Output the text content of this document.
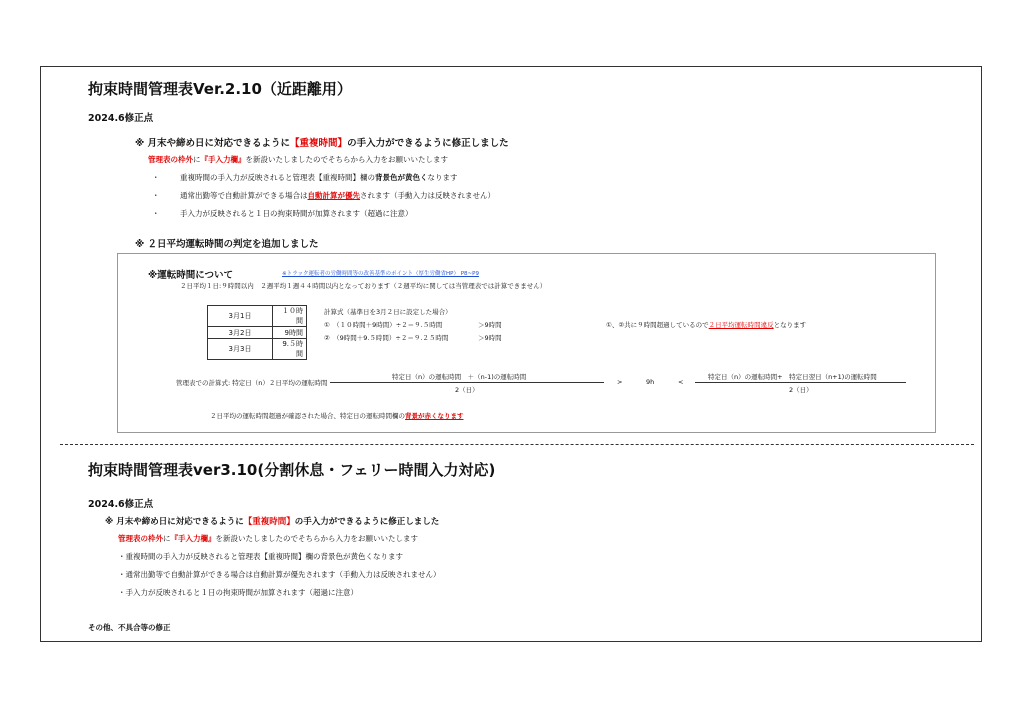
拘束時間管理表Ver.2.10（近距離用）
2024.6修正点
※ 月末や締め日に対応できるように【重複時間】の手入力ができるように修正しました
管理表の枠外に『手入力欄』を新設いたしましたのでそちらから入力をお願いいたします
・	重複時間の手入力が反映されると管理表【重複時間】欄の背景色が黄色くなります
・	通常出勤等で自動計算ができる場合は自動計算が優先されます（手動入力は反映されません）
・	手入力が反映されると１日の拘束時間が加算されます（超過に注意）
※ ２日平均運転時間の判定を追加しました
※運転時間について	※トラック運転者の労働時間等の改善基準のポイント（厚生労働省HP） P8~P9
２日平均１日:９時間以内　２週平均１週４４時間以内となっております（２週平均に関しては当管理表では計算できません）
3月1日	１０時間
3月2日	9時間
3月3日	9.５時間
計算式（基準日を3月２日に設定した場合）
①　（１０時間＋9時間）÷２＝９.５時間	＞9時間
②　（9時間＋9.５時間）÷２＝９.２５時間	＞9時間
①、②共に９時間超過しているので２日平均運転時間違反となります
管理表での計算式: 特定日（n）２日平均の運転時間
特定日（n）の運転時間　＋（n-1)の運転時間
2（日）
>	9h	<
特定日（n）の運転時間+　特定日翌日（n+1)の運転時間
2（日）
２日平均の運転時間超過が確認された場合、特定日の運転時間欄の背景が赤くなります
拘束時間管理表ver3.10(分割休息・フェリー時間入力対応)
2024.6修正点
※ 月末や締め日に対応できるように【重複時間】の手入力ができるように修正しました
管理表の枠外に『手入力欄』を新設いたしましたのでそちらから入力をお願いいたします
・重複時間の手入力が反映されると管理表【重複時間】欄の背景色が黄色くなります
・通常出勤等で自動計算ができる場合は自動計算が優先されます（手動入力は反映されません）
・手入力が反映されると１日の拘束時間が加算されます（超過に注意）
その他、不具合等の修正
